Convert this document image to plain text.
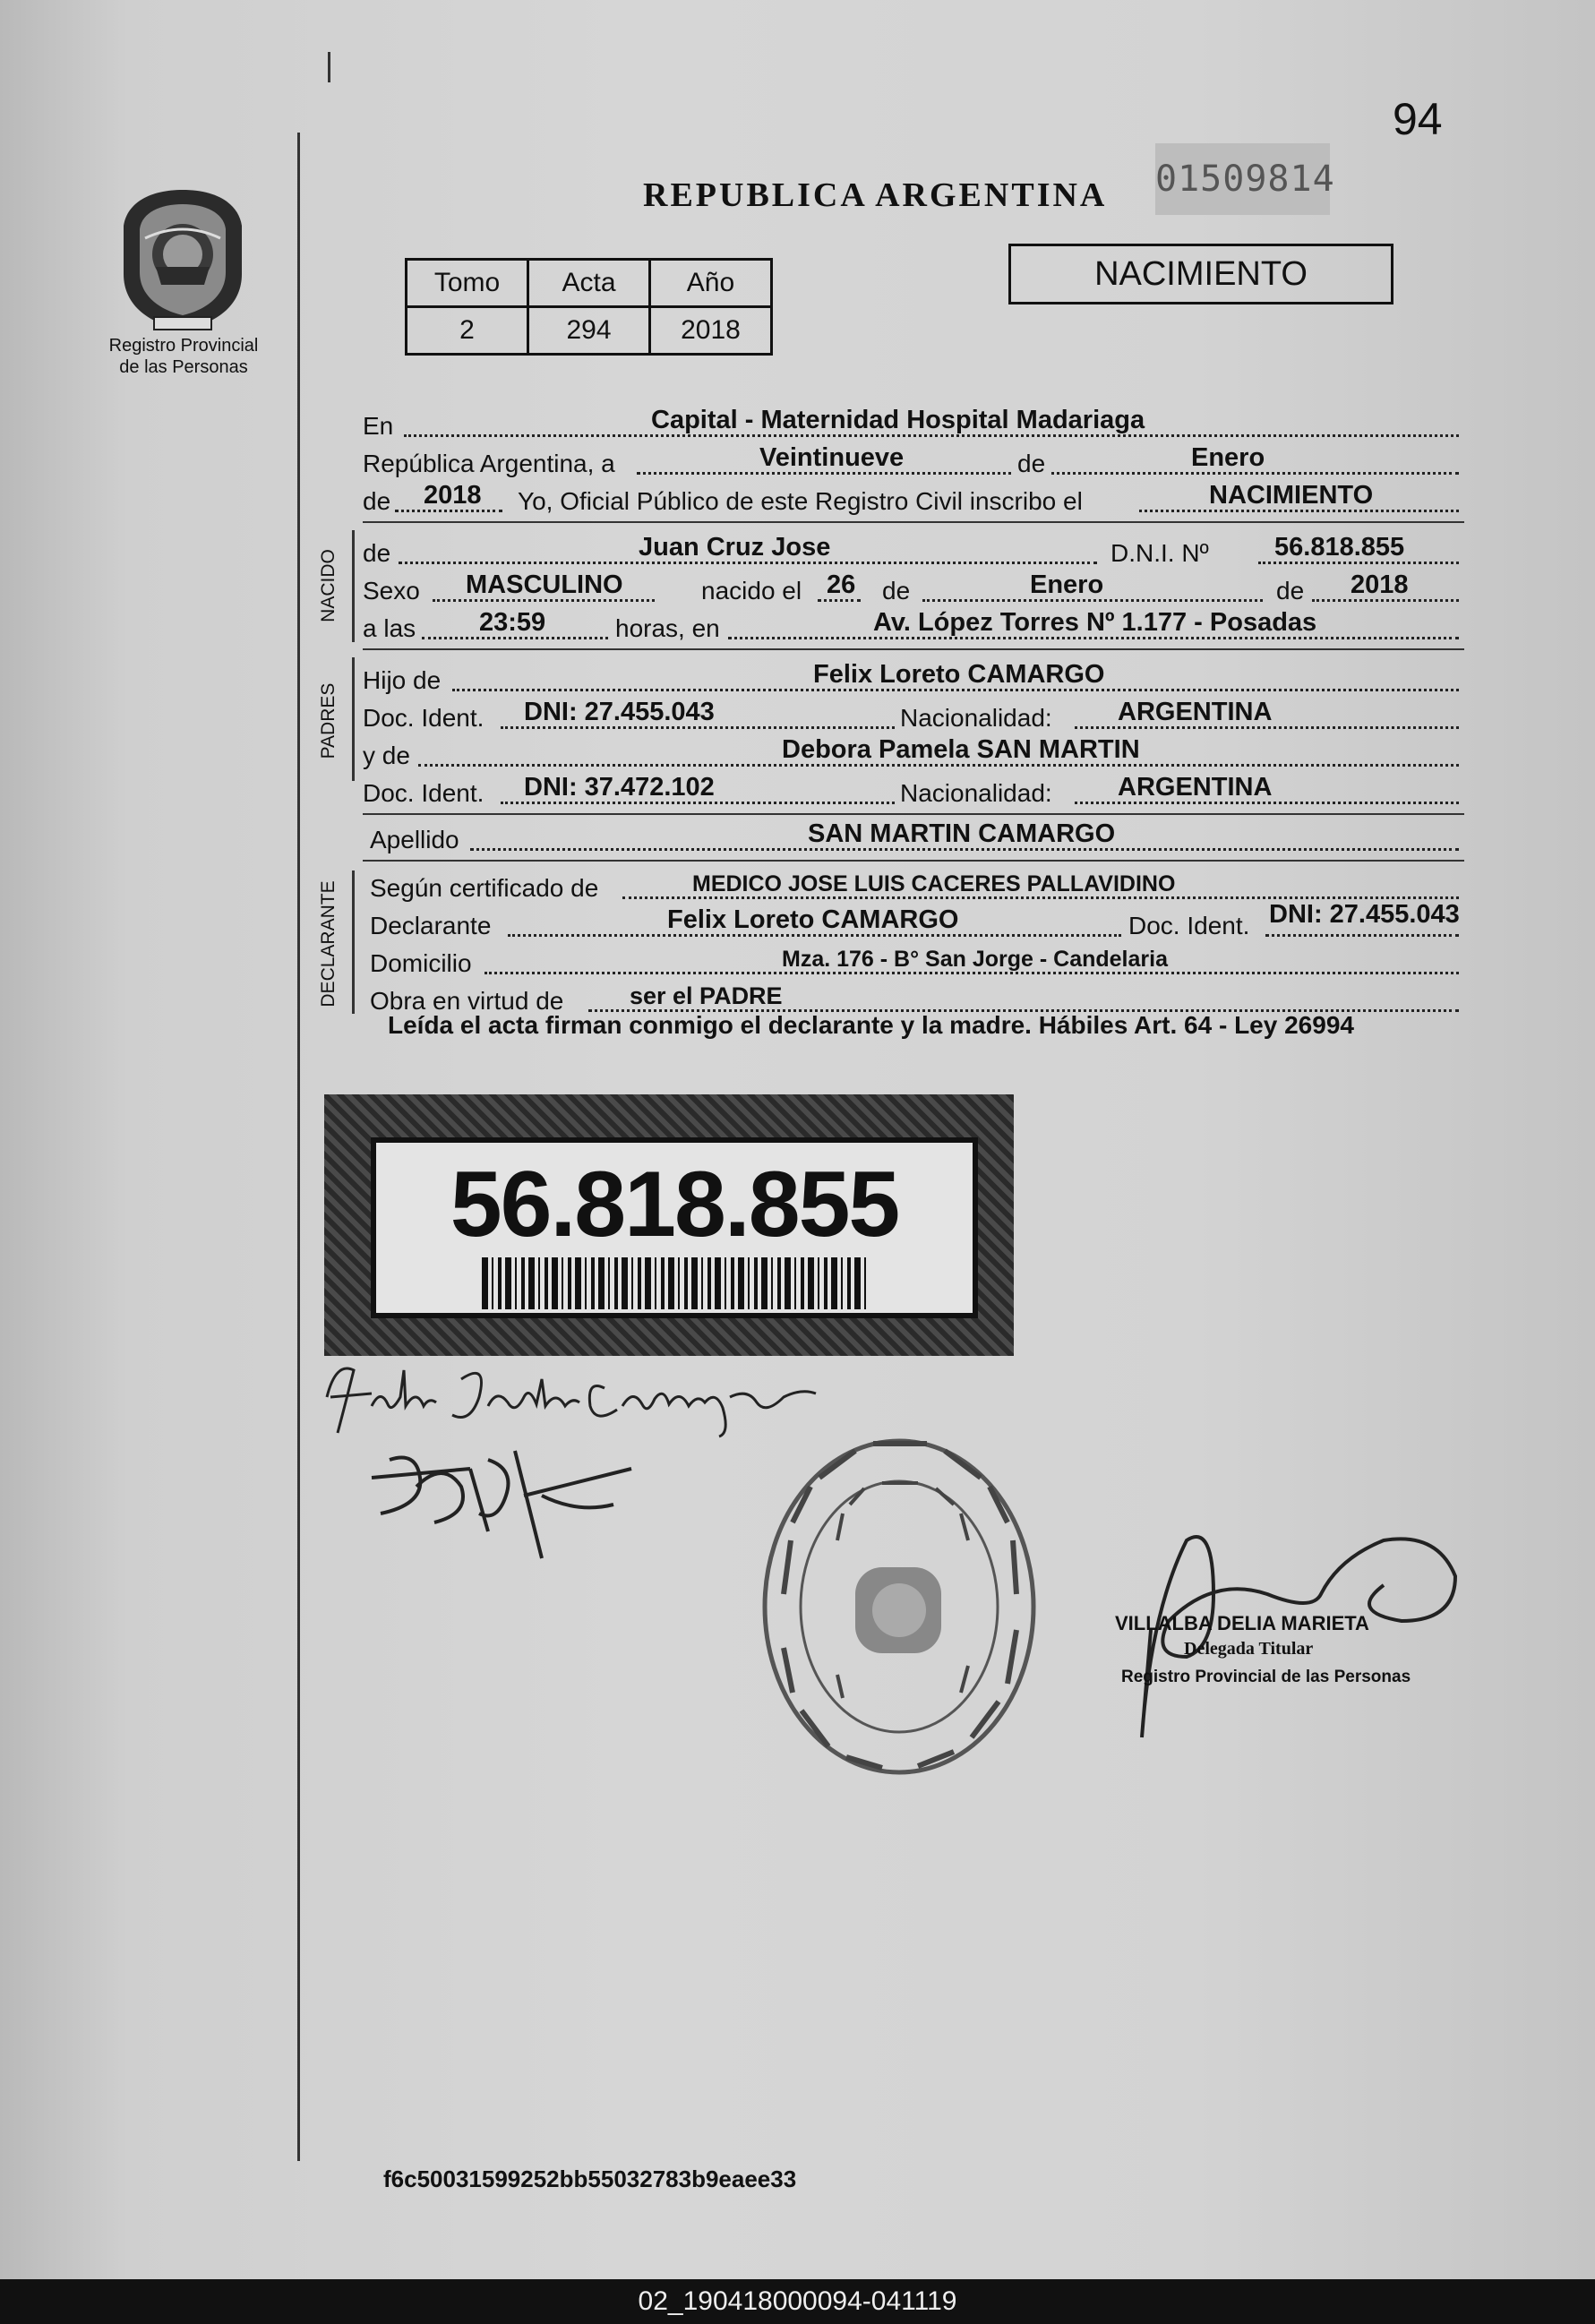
94
01509814
Registro Provincial
de las Personas
REPUBLICA ARGENTINA
Tomo	Acta	Año
2	294	2018
NACIMIENTO
En	Capital - Maternidad Hospital Madariaga
República Argentina, a	Veintinueve	de	Enero
de 2018 Yo, Oficial Público de este Registro Civil inscribo el	NACIMIENTO
NACIDO de	Juan Cruz Jose	D.N.I. Nº	56.818.855
Sexo MASCULINO	nacido el 26 de	Enero	de 2018
a las 23:59	horas, en	Av. López Torres Nº 1.177 - Posadas
PADRES
Hijo de	Felix Loreto CAMARGO
Doc. Ident. DNI: 27.455.043	Nacionalidad:	ARGENTINA
y de	Debora Pamela SAN MARTIN
Doc. Ident. DNI: 37.472.102	Nacionalidad:	ARGENTINA
Apellido	SAN MARTIN CAMARGO
DECLARANTE Según certificado de	MEDICO JOSE LUIS CACERES PALLAVIDINO
Declarante	Felix Loreto CAMARGO	Doc. Ident. DNI: 27.455.043
Domicilio	Mza. 176 - B° San Jorge - Candelaria
Obra en virtud de	ser el PADRE
Leída el acta firman conmigo el declarante y la madre. Hábiles Art. 64 - Ley 26994
56.818.855
VILLALBA DELIA MARIETA
Delegada Titular
Registro Provincial de las Personas
f6c50031599252bb55032783b9eaee33
02_190418000094-041119
